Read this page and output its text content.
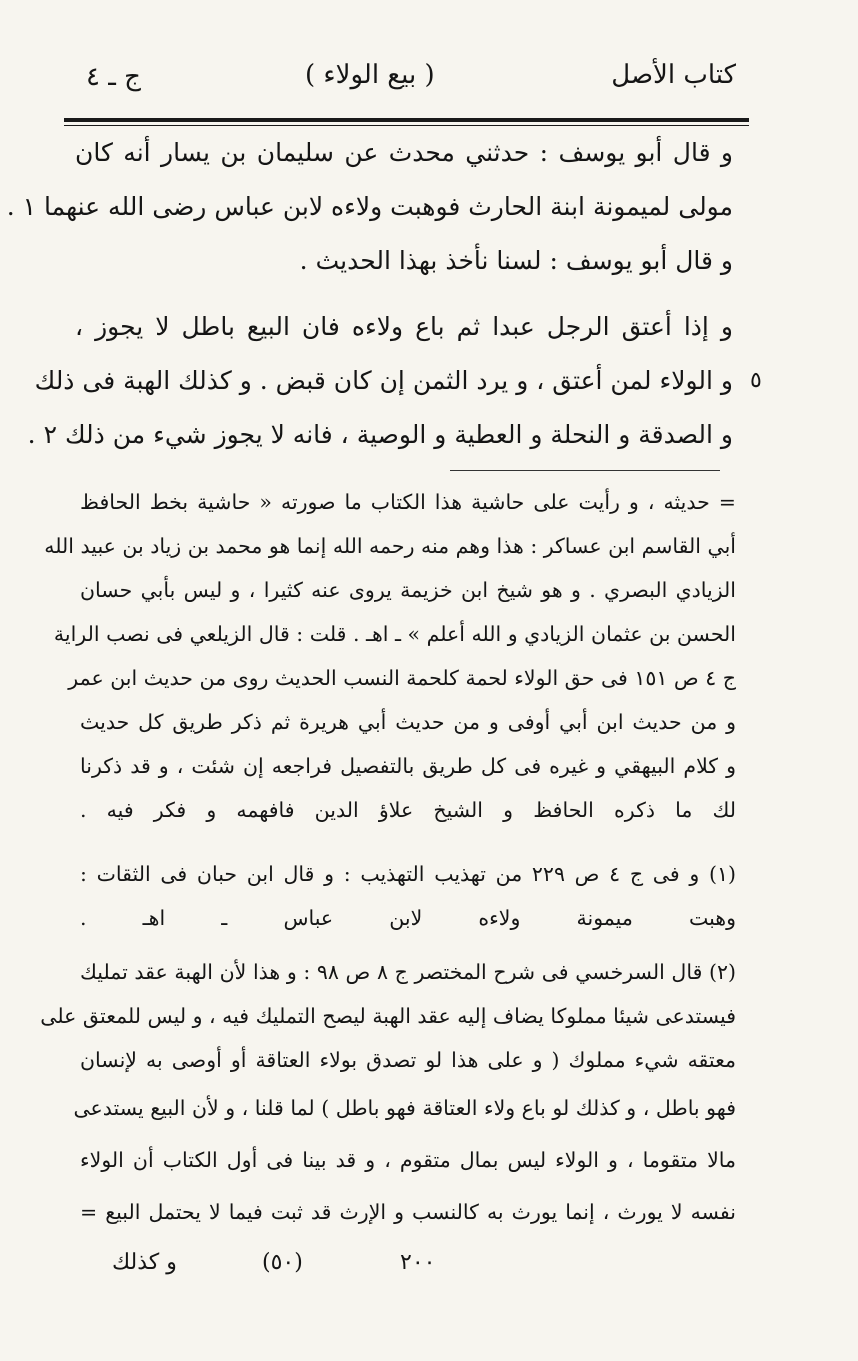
كتاب الأصل
( بيع الولاء )
ج ـ ٤
و قال أبو يوسف : حدثني محدث عن سليمان بن يسار أنه كان
مولى لميمونة ابنة الحارث فوهبت ولاءه لابن عباس رضى الله عنهما ١ .
و قال أبو يوسف : لسنا نأخذ بهذا الحديث .
و إذا أعتق الرجل عبدا ثم باع ولاءه فان البيع باطل لا يجوز ،
و الولاء لمن أعتق ، و يرد الثمن إن كان قبض . و كذلك الهبة فى ذلك ٥
و الصدقة و النحلة و العطية و الوصية ، فانه لا يجوز شيء من ذلك ٢ .
= حديثه ، و رأيت على حاشية هذا الكتاب ما صورته « حاشية بخط الحافظ
أبي القاسم ابن عساكر : هذا وهم منه رحمه الله إنما هو محمد بن زياد بن عبيد الله
الزيادي البصري . و هو شيخ ابن خزيمة يروى عنه كثيرا ، و ليس بأبي حسان
الحسن بن عثمان الزيادي و الله أعلم » ـ اهـ . قلت : قال الزيلعي فى نصب الراية
ج ٤ ص ١٥١ فى حق الولاء لحمة كلحمة النسب الحديث روى من حديث ابن عمر
و من حديث ابن أبي أوفى و من حديث أبي هريرة ثم ذكر طريق كل حديث
و كلام البيهقي و غيره فى كل طريق بالتفصيل فراجعه إن شئت ، و قد ذكرنا
لك ما ذكره الحافظ و الشيخ علاؤ الدين فافهمه و فكر فيه .
(١) و فى ج ٤ ص ٢٢٩ من تهذيب التهذيب : و قال ابن حبان فى الثقات :
وهبت ميمونة ولاءه لابن عباس ـ اهـ .
(٢) قال السرخسي فى شرح المختصر ج ٨ ص ٩٨ : و هذا لأن الهبة عقد تمليك
فيستدعى شيئا مملوكا يضاف إليه عقد الهبة ليصح التمليك فيه ، و ليس للمعتق على
معتقه شيء مملوك ( و على هذا لو تصدق بولاء العتاقة أو أوصى به لإنسان
فهو باطل ، و كذلك لو باع ولاء العتاقة فهو باطل ) لما قلنا ، و لأن البيع يستدعى
مالا متقوما ، و الولاء ليس بمال متقوم ، و قد بينا فى أول الكتاب أن الولاء
نفسه لا يورث ، إنما يورث به كالنسب و الإرث قد ثبت فيما لا يحتمل البيع =
٢٠٠
(٥٠)
و كذلك
